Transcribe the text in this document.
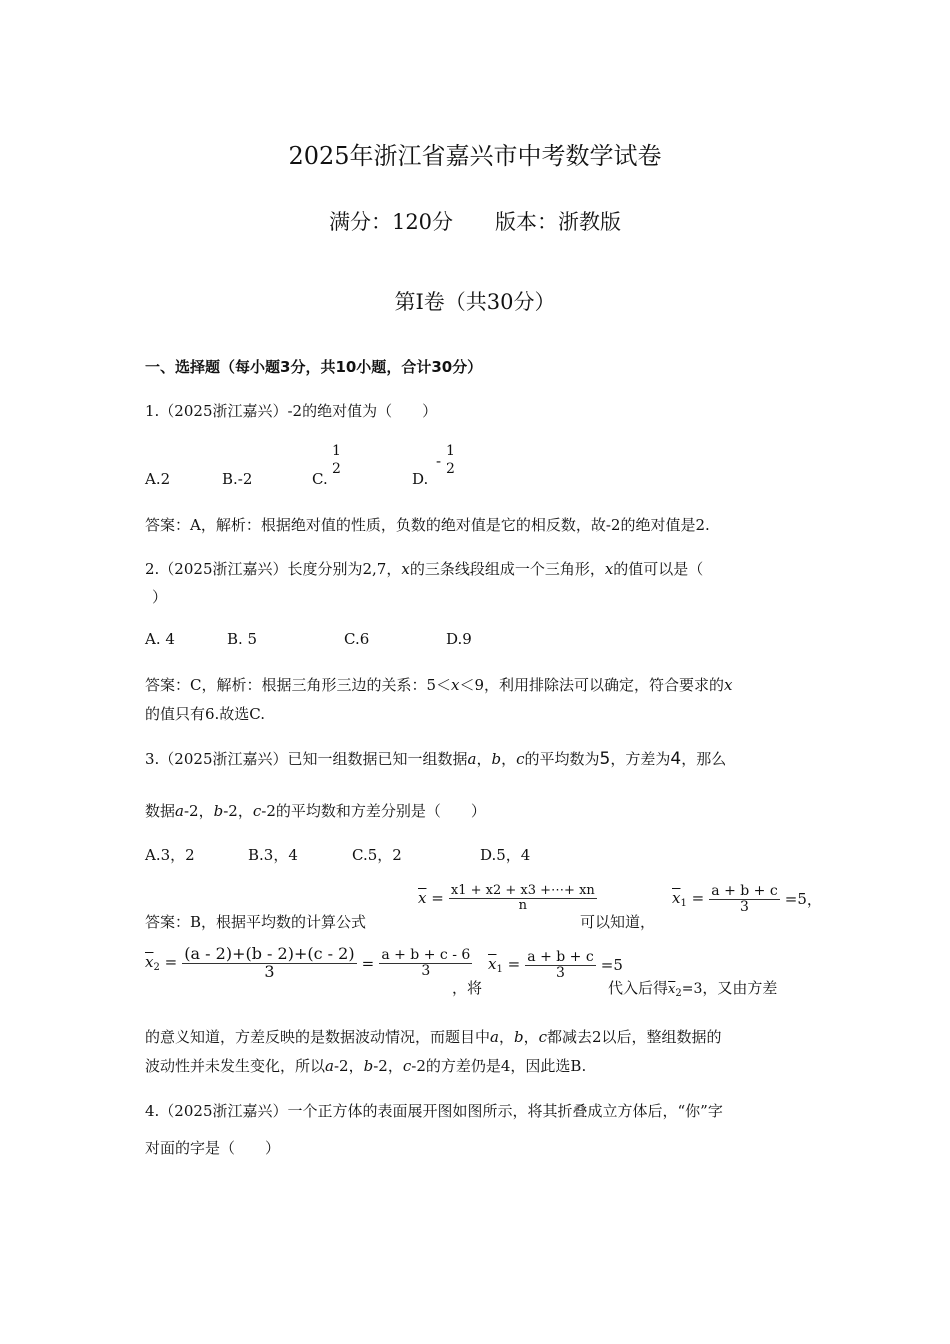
2025年浙江省嘉兴市中考数学试卷
满分：120分　　版本：浙教版
第I卷（共30分）
一、选择题（每小题3分，共10小题，合计30分）
1.（2025浙江嘉兴）-2的绝对值为（　　）
A.2	B.-2	C.
1
2
D.
-
1
2
答案：A，解析：根据绝对值的性质，负数的绝对值是它的相反数，故-2的绝对值是2.
2.（2025浙江嘉兴）长度分别为2,7，x的三条线段组成一个三角形，x的值可以是（
）
A. 4	B. 5	C.6	D.9
答案：C，解析：根据三角形三边的关系：5＜x＜9，利用排除法可以确定，符合要求的x
的值只有6.故选C.
3.（2025浙江嘉兴）已知一组数据已知一组数据a，b，c的平均数为5，方差为4，那么
数据a-2，b-2，c-2的平均数和方差分别是（　　）
A.3，2	B.3，4	C.5，2	D.5，4
答案：B，根据平均数的计算公式
$\overline{x} = \frac{x1 + x2 + x3 +\cdots+ xn}{n}$
可以知道，
$\overline{x}_1 = \frac{a + b + c}{3} =5$，
$\overline{x}_2 = \frac{(a - 2)+(b - 2)+(c - 2)}{3} = \frac{a + b + c - 6}{3}$
，将
$\overline{x}_1 = \frac{a + b + c}{3} =5$
代入后得$\overline{x}_2=3$，又由方差
的意义知道，方差反映的是数据波动情况，而题目中a，b，c都减去2以后，整组数据的
波动性并未发生变化，所以a-2，b-2，c-2的方差仍是4，因此选B.
4.（2025浙江嘉兴）一个正方体的表面展开图如图所示，将其折叠成立方体后，“你”字
对面的字是（　　）
